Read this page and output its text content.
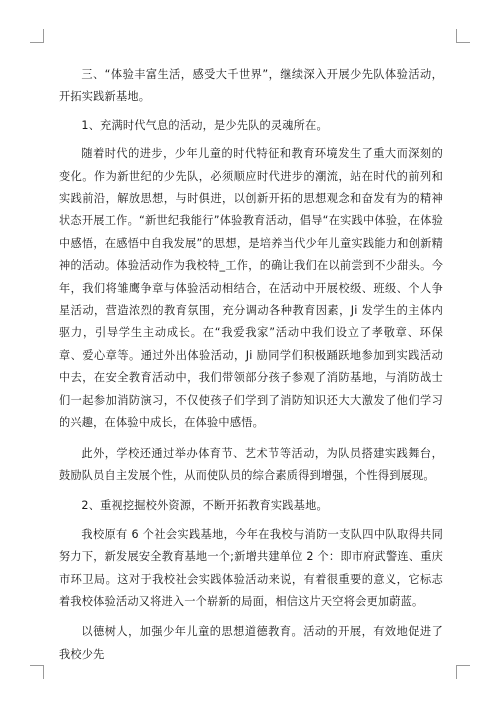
三、“体验丰富生活，感受大千世界”，继续深入开展少先队体验活动，开拓实践新基地。

1、充满时代气息的活动，是少先队的灵魂所在。

随着时代的进步，少年儿童的时代特征和教育环境发生了重大而深刻的变化。作为新世纪的少先队，必须顺应时代进步的潮流，站在时代的前列和实践前沿，解放思想，与时俱进，以创新开拓的思想观念和奋发有为的精神状态开展工作。“新世纪我能行”体验教育活动，倡导“在实践中体验，在体验中感悟，在感悟中自我发展”的思想，是培养当代少年儿童实践能力和创新精神的活动。体验活动作为我校特_工作，的确让我们在以前尝到不少甜头。今年，我们将雏鹰争章与体验活动相结合，在活动中开展校级、班级、个人争星活动，营造浓烈的教育氛围，充分调动各种教育因素，Ji 发学生的主体内驱力，引导学生主动成长。在“我爱我家”活动中我们设立了孝敬章、环保章、爱心章等。通过外出体验活动，Ji 励同学们积极踊跃地参加到实践活动中去，在安全教育活动中，我们带领部分孩子参观了消防基地，与消防战士们一起参加消防演习，不仅使孩子们学到了消防知识还大大激发了他们学习的兴趣，在体验中成长，在体验中感悟。

此外，学校还通过举办体育节、艺术节等活动，为队员搭建实践舞台，鼓励队员自主发展个性，从而使队员的综合素质得到增强，个性得到展现。

2、重视挖掘校外资源，不断开拓教育实践基地。

我校原有 6 个社会实践基地，今年在我校与消防一支队四中队取得共同努力下，新发展安全教育基地一个;新增共建单位 2 个：即市府武警连、重庆市环卫局。这对于我校社会实践体验活动来说，有着很重要的意义，它标志着我校体验活动又将进入一个崭新的局面，相信这片天空将会更加蔚蓝。

以德树人，加强少年儿童的思想道德教育。活动的开展，有效地促进了我校少先
